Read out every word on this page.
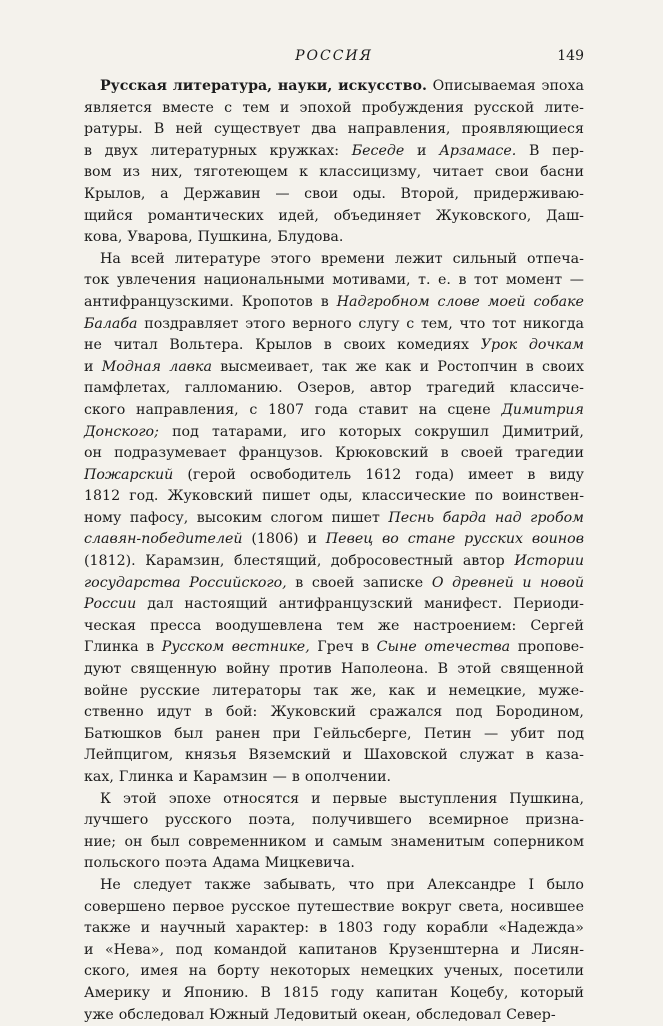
РОССИЯ	149
Русская литература, науки, искусство. Описываемая эпоха
является вместе с тем и эпохой пробуждения русской лите-
ратуры. В ней существует два направления, проявляющиеся
в двух литературных кружках: Беседе и Арзамасе. В пер-
вом из них, тяготеющем к классицизму, читает свои басни
Крылов, а Державин — свои оды. Второй, придерживаю-
щийся романтических идей, объединяет Жуковского, Даш-
кова, Уварова, Пушкина, Блудова.
На всей литературе этого времени лежит сильный отпеча-
ток увлечения национальными мотивами, т. е. в тот момент —
антифранцузскими. Кропотов в Надгробном слове моей собаке
Балаба поздравляет этого верного слугу с тем, что тот никогда
не читал Вольтера. Крылов в своих комедиях Урок дочкам
и Модная лавка высмеивает, так же как и Ростопчин в своих
памфлетах, галломанию. Озеров, автор трагедий классиче-
ского направления, с 1807 года ставит на сцене Димитрия
Донского; под татарами, иго которых сокрушил Димитрий,
он подразумевает французов. Крюковский в своей трагедии
Пожарский (герой освободитель 1612 года) имеет в виду
1812 год. Жуковский пишет оды, классические по воинствен-
ному пафосу, высоким слогом пишет Песнь барда над гробом
славян-победителей (1806) и Певец во стане русских воинов
(1812). Карамзин, блестящий, добросовестный автор Истории
государства Российского, в своей записке О древней и новой
России дал настоящий антифранцузский манифест. Периоди-
ческая пресса воодушевлена тем же настроением: Сергей
Глинка в Русском вестнике, Греч в Сыне отечества пропове-
дуют священную войну против Наполеона. В этой священной
войне русские литераторы так же, как и немецкие, муже-
ственно идут в бой: Жуковский сражался под Бородином,
Батюшков был ранен при Гейльсберге, Петин — убит под
Лейпцигом, князья Вяземский и Шаховской служат в каза-
ках, Глинка и Карамзин — в ополчении.
К этой эпохе относятся и первые выступления Пушкина,
лучшего русского поэта, получившего всемирное призна-
ние; он был современником и самым знаменитым соперником
польского поэта Адама Мицкевича.
Не следует также забывать, что при Александре I было
совершено первое русское путешествие вокруг света, носившее
также и научный характер: в 1803 году корабли «Надежда»
и «Нева», под командой капитанов Крузенштерна и Лисян-
ского, имея на борту некоторых немецких ученых, посетили
Америку и Японию. В 1815 году капитан Коцебу, который
уже обследовал Южный Ледовитый океан, обследовал Север-
